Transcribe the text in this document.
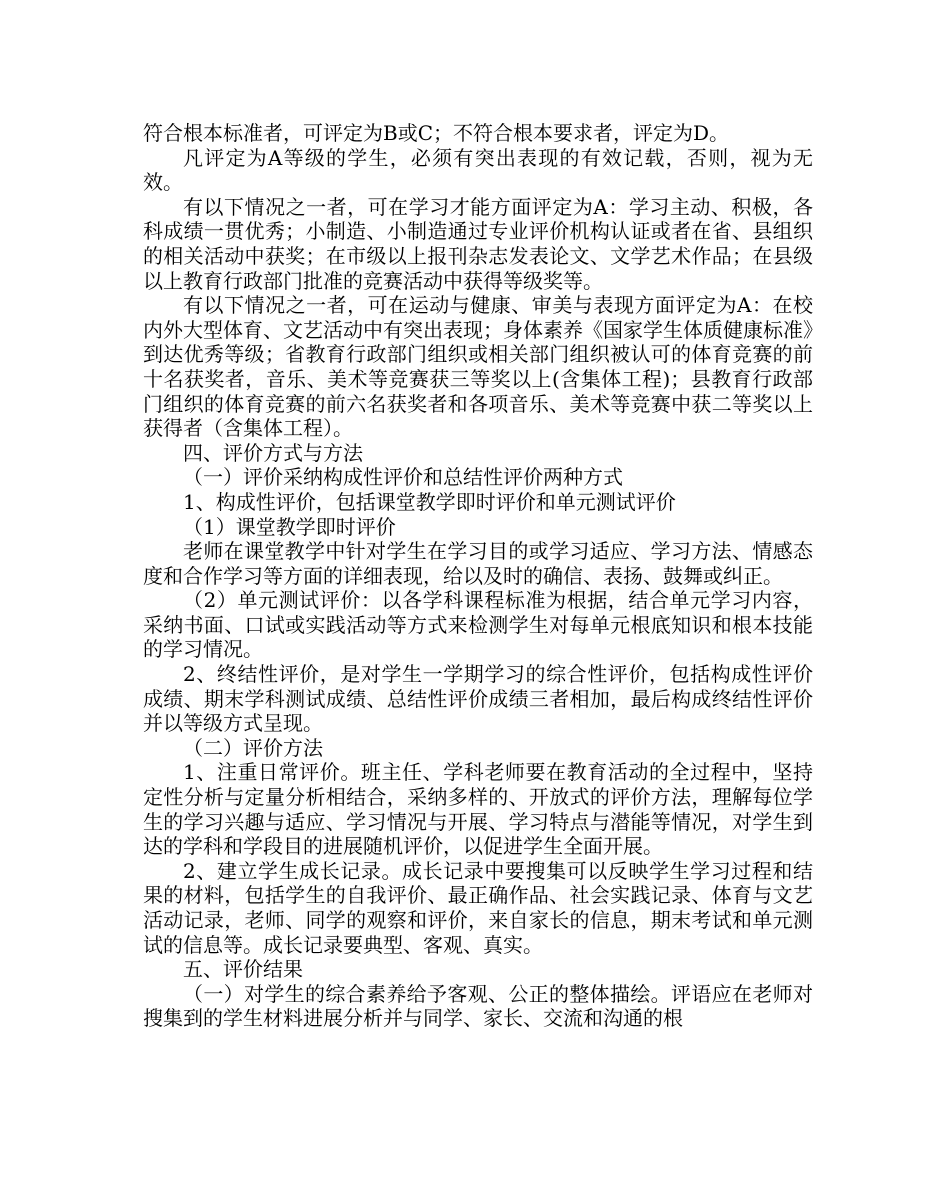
符合根本标准者，可评定为B或C；不符合根本要求者，评定为D。

凡评定为A等级的学生，必须有突出表现的有效记载，否则，视为无效。

有以下情况之一者，可在学习才能方面评定为A：学习主动、积极，各科成绩一贯优秀；小制造、小制造通过专业评价机构认证或者在省、县组织的相关活动中获奖；在市级以上报刊杂志发表论文、文学艺术作品；在县级以上教育行政部门批准的竞赛活动中获得等级奖等。

有以下情况之一者，可在运动与健康、审美与表现方面评定为A：在校内外大型体育、文艺活动中有突出表现；身体素养《国家学生体质健康标准》到达优秀等级；省教育行政部门组织或相关部门组织被认可的体育竞赛的前十名获奖者，音乐、美术等竞赛获三等奖以上(含集体工程)；县教育行政部门组织的体育竞赛的前六名获奖者和各项音乐、美术等竞赛中获二等奖以上获得者（含集体工程）。

四、评价方式与方法

（一）评价采纳构成性评价和总结性评价两种方式

1、构成性评价，包括课堂教学即时评价和单元测试评价

（1）课堂教学即时评价

老师在课堂教学中针对学生在学习目的或学习适应、学习方法、情感态度和合作学习等方面的详细表现，给以及时的确信、表扬、鼓舞或纠正。

（2）单元测试评价：以各学科课程标准为根据，结合单元学习内容，采纳书面、口试或实践活动等方式来检测学生对每单元根底知识和根本技能的学习情况。

2、终结性评价，是对学生一学期学习的综合性评价，包括构成性评价成绩、期末学科测试成绩、总结性评价成绩三者相加，最后构成终结性评价并以等级方式呈现。

（二）评价方法

1、注重日常评价。班主任、学科老师要在教育活动的全过程中，坚持定性分析与定量分析相结合，采纳多样的、开放式的评价方法，理解每位学生的学习兴趣与适应、学习情况与开展、学习特点与潜能等情况，对学生到达的学科和学段目的进展随机评价，以促进学生全面开展。

2、建立学生成长记录。成长记录中要搜集可以反映学生学习过程和结果的材料，包括学生的自我评价、最正确作品、社会实践记录、体育与文艺活动记录，老师、同学的观察和评价，来自家长的信息，期末考试和单元测试的信息等。成长记录要典型、客观、真实。

五、评价结果

（一）对学生的综合素养给予客观、公正的整体描绘。评语应在老师对搜集到的学生材料进展分析并与同学、家长、交流和沟通的根
